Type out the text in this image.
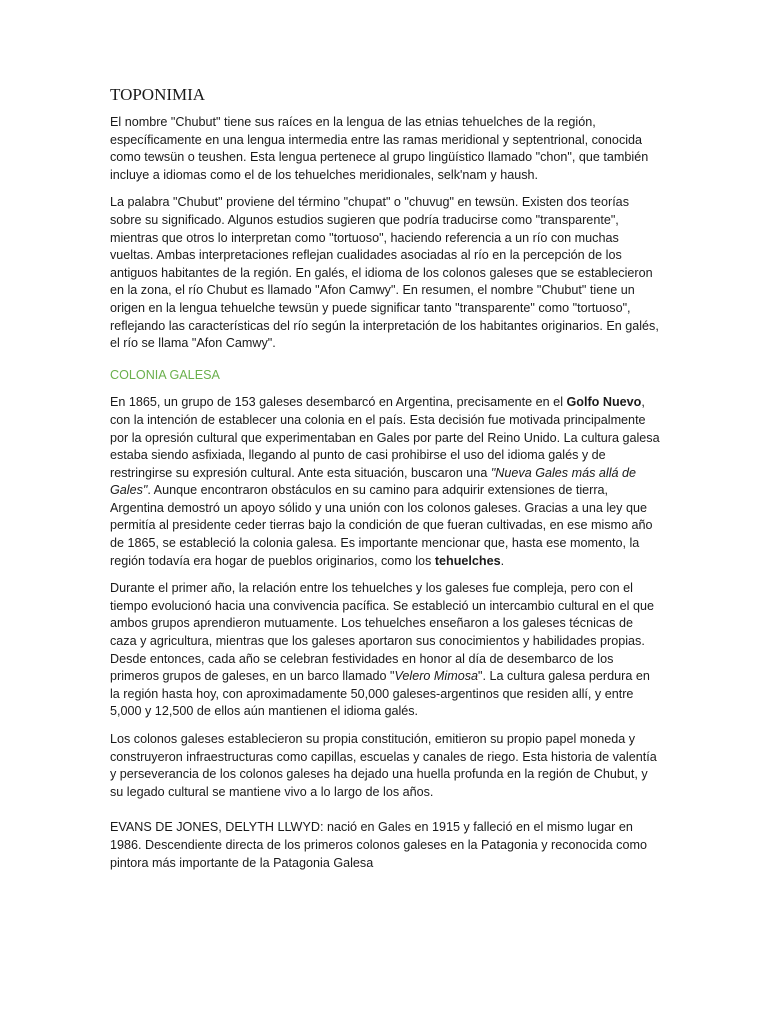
TOPONIMIA

El nombre "Chubut" tiene sus raíces en la lengua de las etnias tehuelches de la región, específicamente en una lengua intermedia entre las ramas meridional y septentrional, conocida como tewsün o teushen. Esta lengua pertenece al grupo lingüístico llamado "chon", que también incluye a idiomas como el de los tehuelches meridionales, selk'nam y haush.

La palabra "Chubut" proviene del término "chupat" o "chuvug" en tewsün. Existen dos teorías sobre su significado. Algunos estudios sugieren que podría traducirse como "transparente", mientras que otros lo interpretan como "tortuoso", haciendo referencia a un río con muchas vueltas. Ambas interpretaciones reflejan cualidades asociadas al río en la percepción de los antiguos habitantes de la región. En galés, el idioma de los colonos galeses que se establecieron en la zona, el río Chubut es llamado "Afon Camwy". En resumen, el nombre "Chubut" tiene un origen en la lengua tehuelche tewsün y puede significar tanto "transparente" como "tortuoso", reflejando las características del río según la interpretación de los habitantes originarios. En galés, el río se llama "Afon Camwy".

COLONIA GALESA

En 1865, un grupo de 153 galeses desembarcó en Argentina, precisamente en el Golfo Nuevo, con la intención de establecer una colonia en el país. Esta decisión fue motivada principalmente por la opresión cultural que experimentaban en Gales por parte del Reino Unido. La cultura galesa estaba siendo asfixiada, llegando al punto de casi prohibirse el uso del idioma galés y de restringirse su expresión cultural. Ante esta situación, buscaron una "Nueva Gales más allá de Gales". Aunque encontraron obstáculos en su camino para adquirir extensiones de tierra, Argentina demostró un apoyo sólido y una unión con los colonos galeses. Gracias a una ley que permitía al presidente ceder tierras bajo la condición de que fueran cultivadas, en ese mismo año de 1865, se estableció la colonia galesa. Es importante mencionar que, hasta ese momento, la región todavía era hogar de pueblos originarios, como los tehuelches.

Durante el primer año, la relación entre los tehuelches y los galeses fue compleja, pero con el tiempo evolucionó hacia una convivencia pacífica. Se estableció un intercambio cultural en el que ambos grupos aprendieron mutuamente. Los tehuelches enseñaron a los galeses técnicas de caza y agricultura, mientras que los galeses aportaron sus conocimientos y habilidades propias. Desde entonces, cada año se celebran festividades en honor al día de desembarco de los primeros grupos de galeses, en un barco llamado "Velero Mimosa". La cultura galesa perdura en la región hasta hoy, con aproximadamente 50,000 galeses-argentinos que residen allí, y entre 5,000 y 12,500 de ellos aún mantienen el idioma galés.

Los colonos galeses establecieron su propia constitución, emitieron su propio papel moneda y construyeron infraestructuras como capillas, escuelas y canales de riego. Esta historia de valentía y perseverancia de los colonos galeses ha dejado una huella profunda en la región de Chubut, y su legado cultural se mantiene vivo a lo largo de los años.

EVANS DE JONES, DELYTH LLWYD: nació en Gales en 1915 y falleció en el mismo lugar en 1986. Descendiente directa de los primeros colonos galeses en la Patagonia y reconocida como pintora más importante de la Patagonia Galesa
